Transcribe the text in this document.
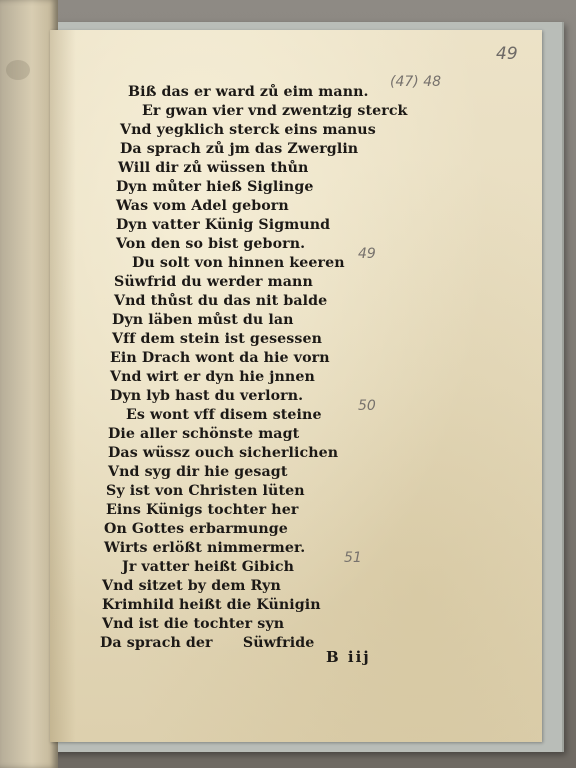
49
Biß das er ward zů eim mann.
Er gwan vier vnd zwentzig sterck
Vnd yegklich sterck eins manus
Da sprach zů jm das Zwerglin
Will dir zů wüssen thůn
Dyn můter hieß Siglinge
Was vom Adel geborn
Dyn vatter Künig Sigmund
Von den so bist geborn.
Du solt von hinnen keeren
Süwfrid du werder mann
Vnd thůst du das nit balde
Dyn läben můst du lan
Vff dem stein ist gesessen
Ein Drach wont da hie vorn
Vnd wirt er dyn hie jnnen
Dyn lyb hast du verlorn.
Es wont vff disem steine
Die aller schönste magt
Das wüssz ouch sicherlichen
Vnd syg dir hie gesagt
Sy ist von Christen lüten
Eins Künigs tochter her
On Gottes erbarmunge
Wirts erlößt nimmermer.
Jr vatter heißt Gibich
Vnd sitzet by dem Ryn
Krimhild heißt die Künigin
Vnd ist die tochter syn
Da sprach der      Süwfride
(47) 48
49
50
51
B iij
